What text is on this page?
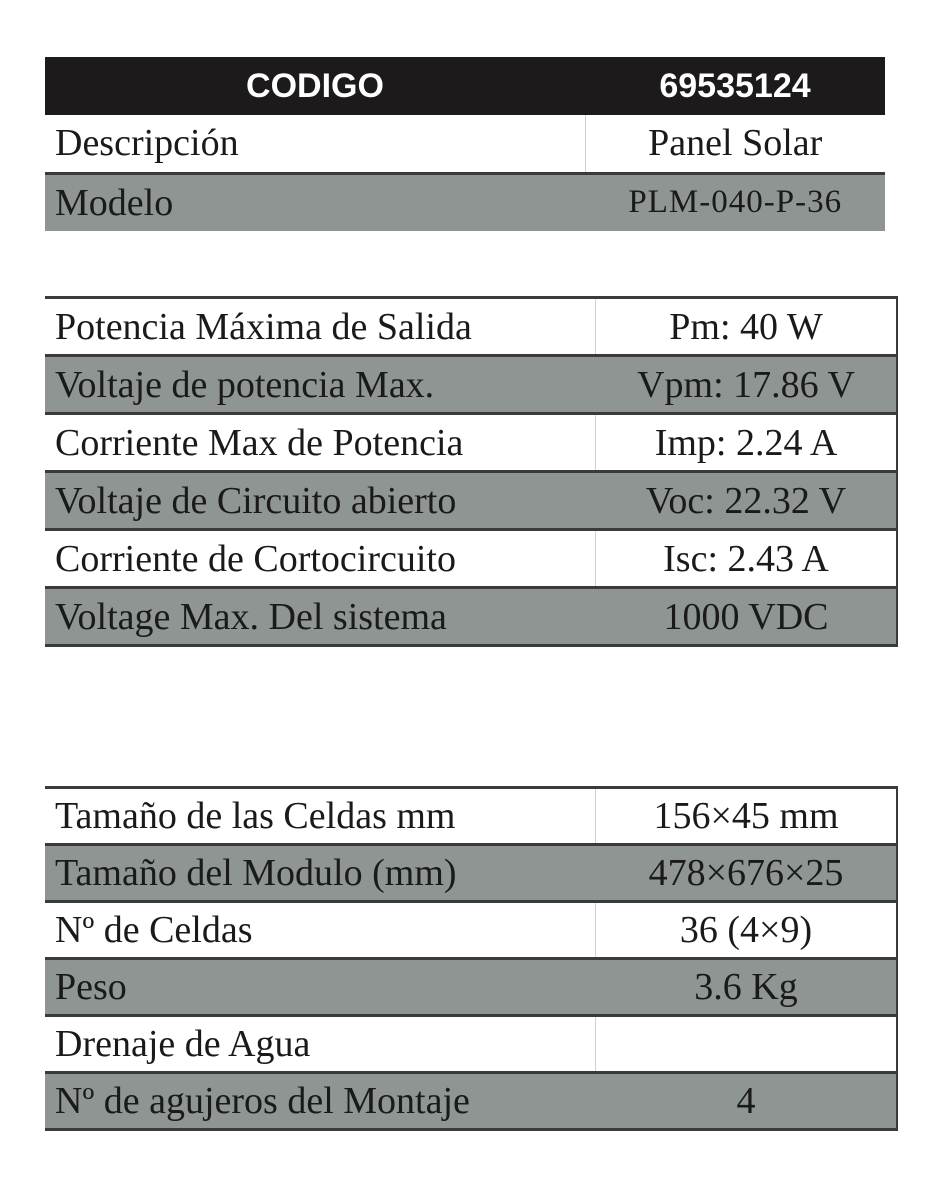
CODIGO	69535124
Descripción	Panel Solar
Modelo	PLM-040-P-36
Potencia Máxima de Salida	Pm: 40 W
Voltaje de potencia Max.	Vpm: 17.86 V
Corriente Max de Potencia	Imp: 2.24 A
Voltaje de Circuito abierto	Voc: 22.32 V
Corriente de Cortocircuito	Isc: 2.43 A
Voltage Max. Del sistema	1000 VDC
Tamaño de las Celdas mm	156×45 mm
Tamaño del Modulo (mm)	478×676×25
Nº de Celdas	36 (4×9)
Peso	3.6 Kg
Drenaje de Agua	
Nº de agujeros del Montaje	4
